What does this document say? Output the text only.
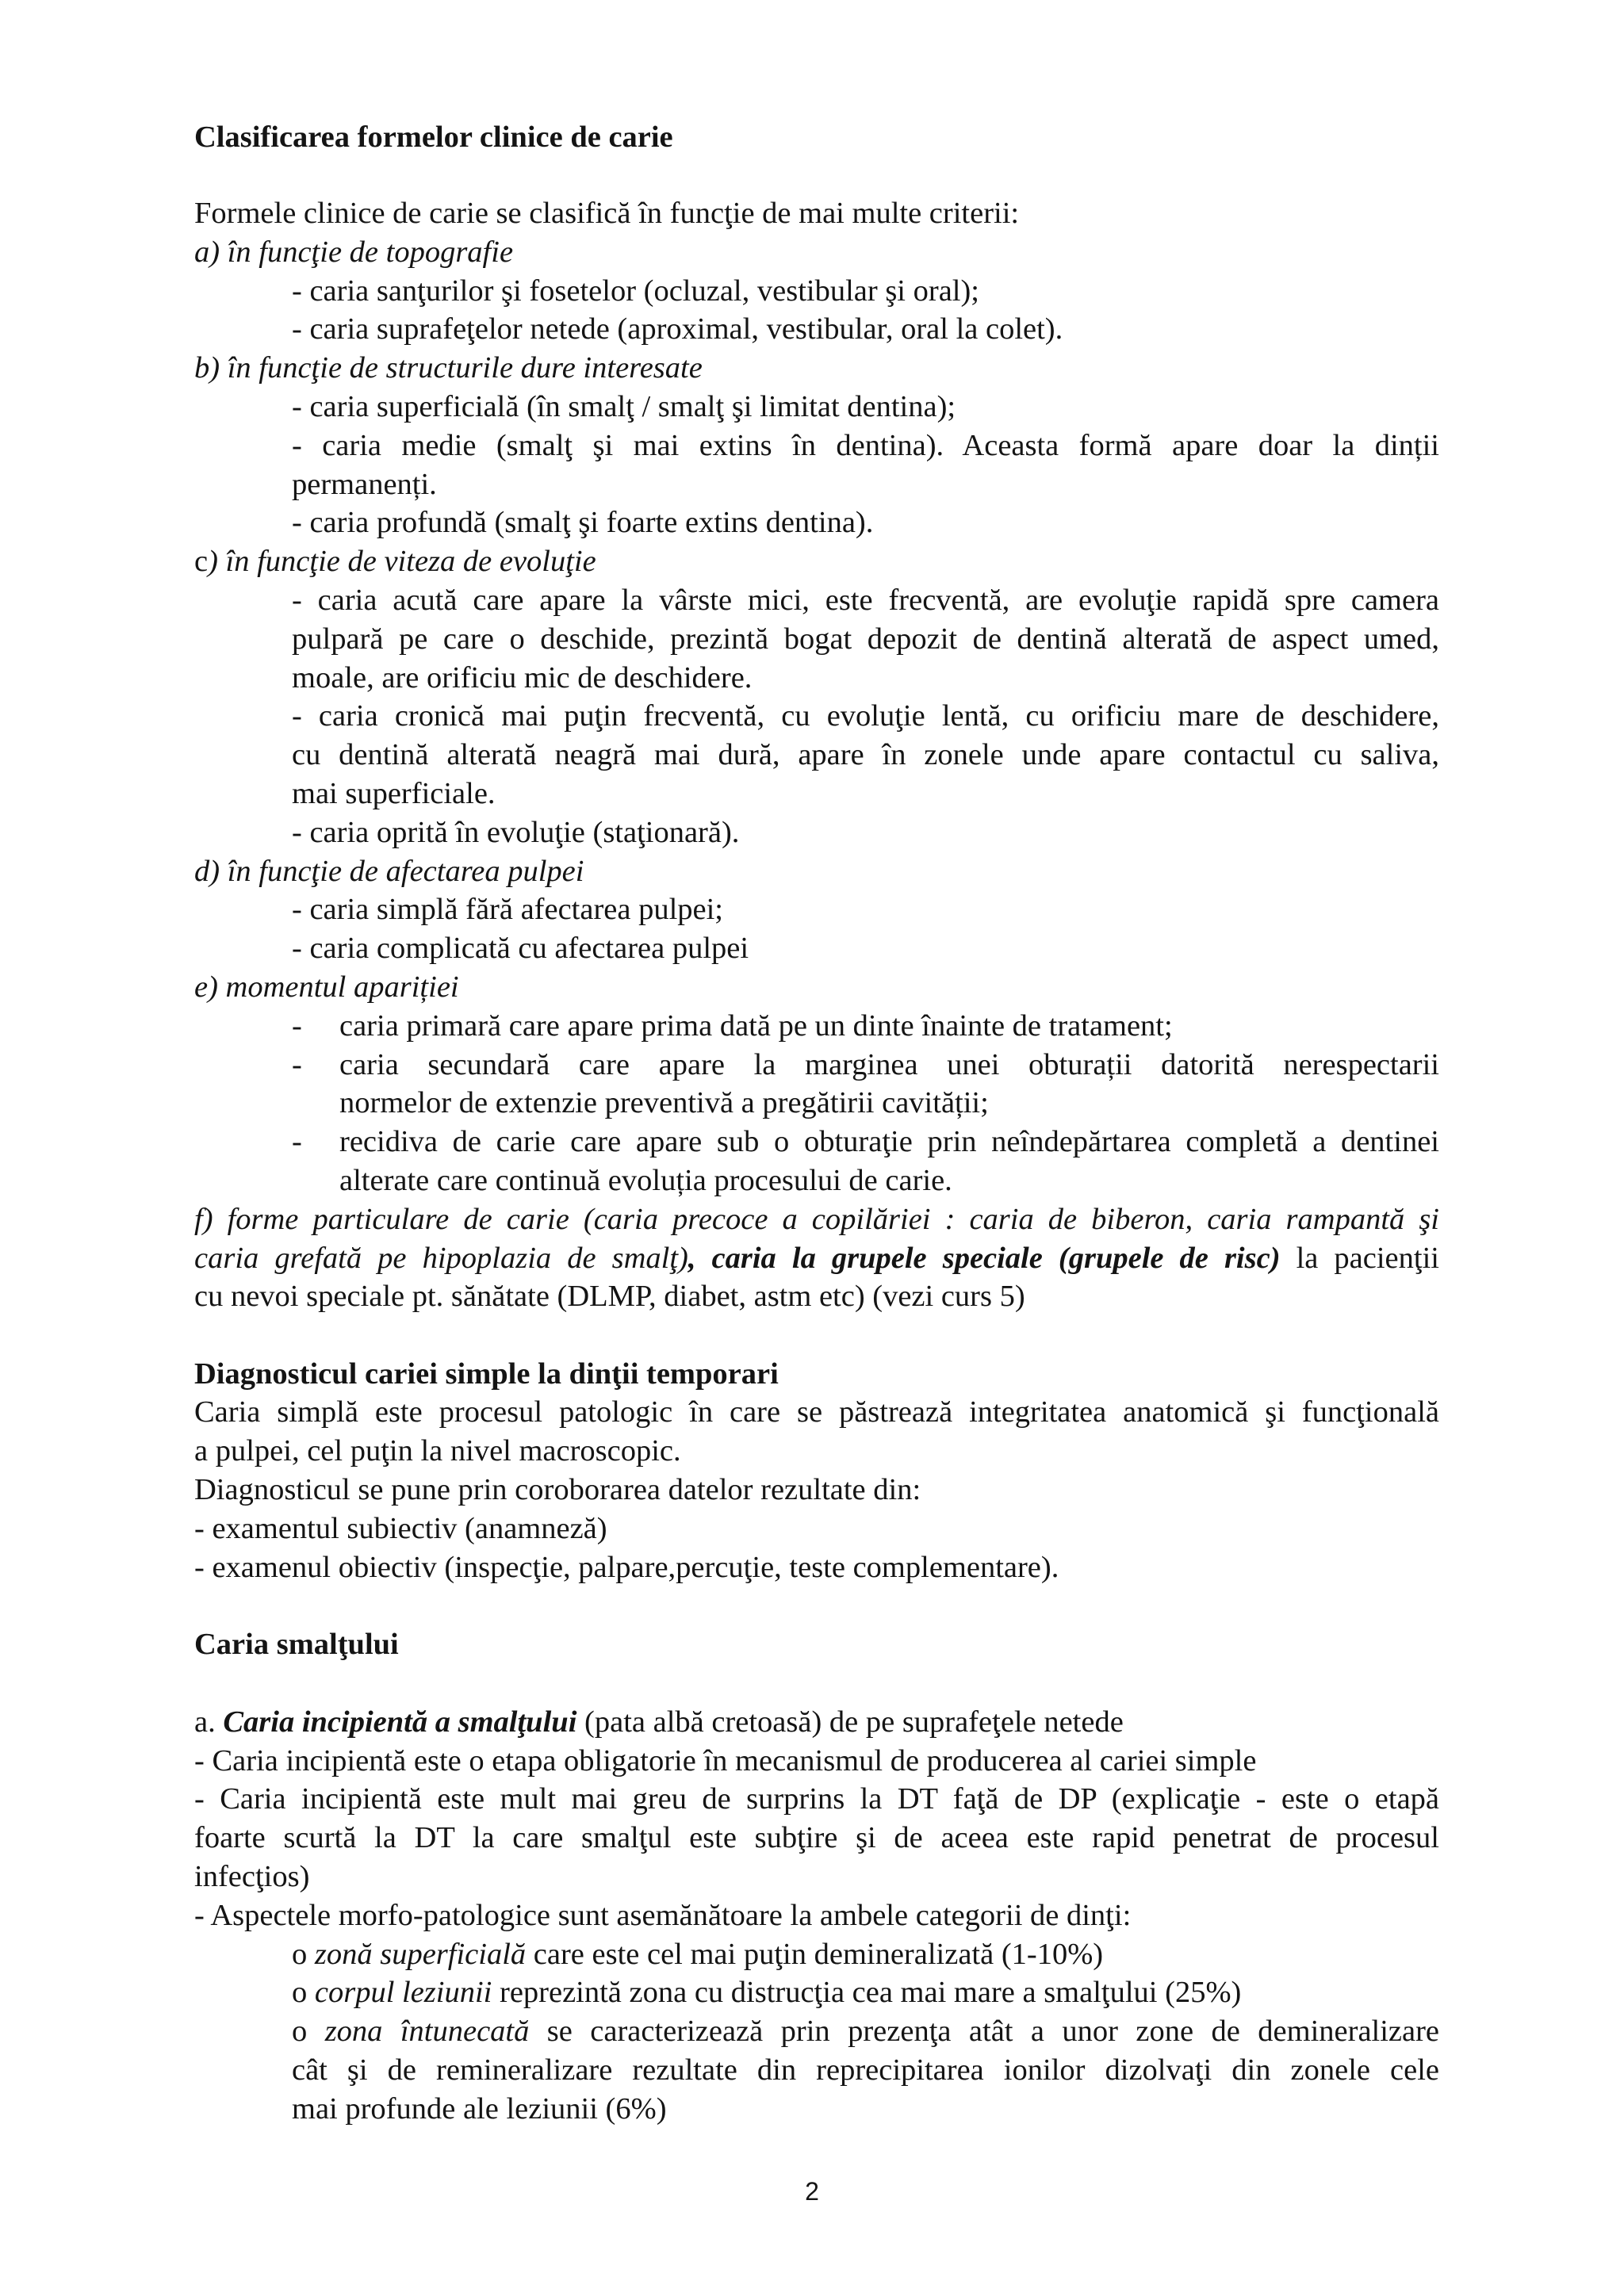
Clasificarea formelor clinice de carie
Formele clinice de carie se clasifică în funcţie de mai multe criterii:
a) în funcţie de topografie
- caria sanţurilor şi fosetelor (ocluzal, vestibular şi oral);
- caria suprafeţelor netede (aproximal, vestibular, oral la colet).
b) în funcţie de structurile dure interesate
- caria superficială (în smalţ / smalţ şi limitat dentina);
- caria medie (smalţ şi mai extins în dentina). Aceasta formă apare doar la dinții
permanenți.
- caria profundă (smalţ şi foarte extins dentina).
c) în funcţie de viteza de evoluţie
- caria acută care apare la vârste mici, este frecventă, are evoluţie rapidă spre camera
pulpară pe care o deschide, prezintă bogat depozit de dentină alterată de aspect umed,
moale, are orificiu mic de deschidere.
- caria cronică mai puţin frecventă, cu evoluţie lentă, cu orificiu mare de deschidere,
cu dentină alterată neagră mai dură, apare în zonele unde apare contactul cu saliva,
mai superficiale.
- caria oprită în evoluţie (staţionară).
d) în funcţie de afectarea pulpei
- caria simplă fără afectarea pulpei;
- caria complicată cu afectarea pulpei
e) momentul apariției
- caria primară care apare prima dată pe un dinte înainte de tratament;
- caria secundară care apare la marginea unei obturații datorită nerespectarii
normelor de extenzie preventivă a pregătirii cavității;
- recidiva de carie care apare sub o obturaţie prin neîndepărtarea completă a dentinei
alterate care continuă evoluția procesului de carie.
f) forme particulare de carie (caria precoce a copilăriei : caria de biberon, caria rampantă şi
caria grefată pe hipoplazia de smalţ), caria la grupele speciale (grupele de risc) la pacienţii
cu nevoi speciale pt. sănătate (DLMP, diabet, astm etc) (vezi curs 5)
Diagnosticul cariei simple la dinţii temporari
Caria simplă este procesul patologic în care se păstrează integritatea anatomică şi funcţională
a pulpei, cel puţin la nivel macroscopic.
Diagnosticul se pune prin coroborarea datelor rezultate din:
- examentul subiectiv (anamneză)
- examenul obiectiv (inspecţie, palpare,percuţie, teste complementare).
Caria smalţului
a. Caria incipientă a smalţului (pata albă cretoasă) de pe suprafeţele netede
- Caria incipientă este o etapa obligatorie în mecanismul de producerea al cariei simple
- Caria incipientă este mult mai greu de surprins la DT faţă de DP (explicaţie - este o etapă
foarte scurtă la DT la care smalţul este subţire şi de aceea este rapid penetrat de procesul
infecţios)
- Aspectele morfo-patologice sunt asemănătoare la ambele categorii de dinţi:
o zonă superficială care este cel mai puţin demineralizată (1-10%)
o corpul leziunii reprezintă zona cu distrucţia cea mai mare a smalţului (25%)
o zona întunecată se caracterizează prin prezenţa atât a unor zone de demineralizare
cât şi de remineralizare rezultate din reprecipitarea ionilor dizolvaţi din zonele cele
mai profunde ale leziunii (6%)
2
